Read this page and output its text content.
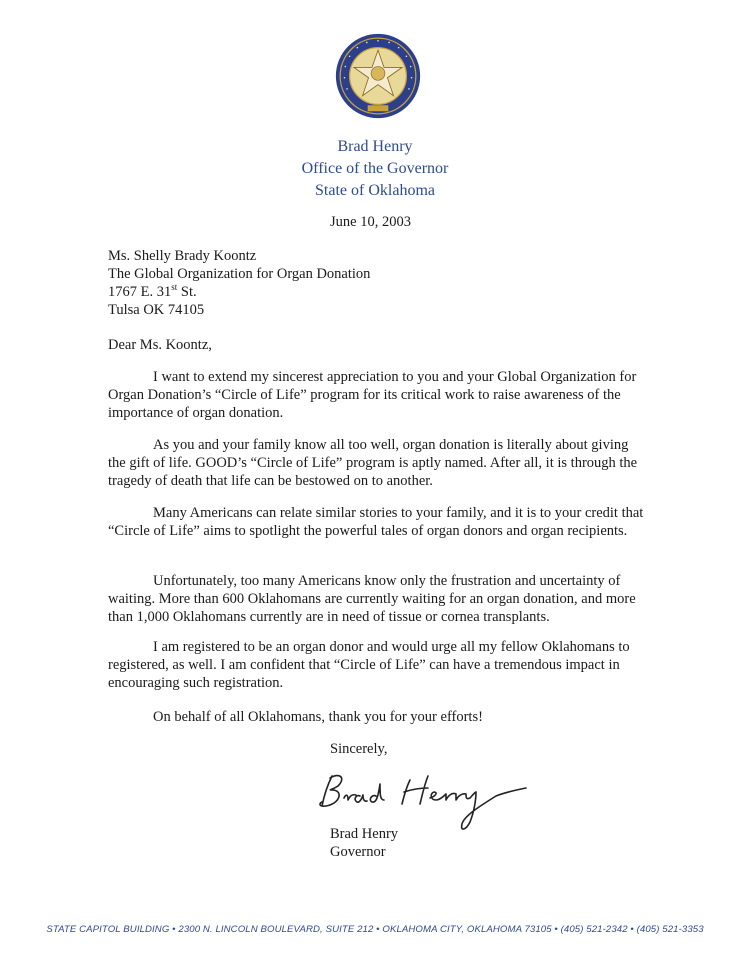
Brad Henry
Office of the Governor
State of Oklahoma
June 10, 2003
Ms. Shelly Brady Koontz
The Global Organization for Organ Donation
1767 E. 31st St.
Tulsa OK 74105
Dear Ms. Koontz,

I want to extend my sincerest appreciation to you and your Global Organization for Organ Donation’s “Circle of Life” program for its critical work to raise awareness of the importance of organ donation.

As you and your family know all too well, organ donation is literally about giving the gift of life. GOOD’s “Circle of Life” program is aptly named. After all, it is through the tragedy of death that life can be bestowed on to another.

Many Americans can relate similar stories to your family, and it is to your credit that “Circle of Life” aims to spotlight the powerful tales of organ donors and organ recipients.

Unfortunately, too many Americans know only the frustration and uncertainty of waiting. More than 600 Oklahomans are currently waiting for an organ donation, and more than 1,000 Oklahomans currently are in need of tissue or cornea transplants.

I am registered to be an organ donor and would urge all my fellow Oklahomans to registered, as well. I am confident that “Circle of Life” can have a tremendous impact in encouraging such registration.

On behalf of all Oklahomans, thank you for your efforts!

Sincerely,
Brad Henry
Governor
STATE CAPITOL BUILDING • 2300 N. LINCOLN BOULEVARD, SUITE 212 • OKLAHOMA CITY, OKLAHOMA 73105 • (405) 521-2342 • (405) 521-3353
